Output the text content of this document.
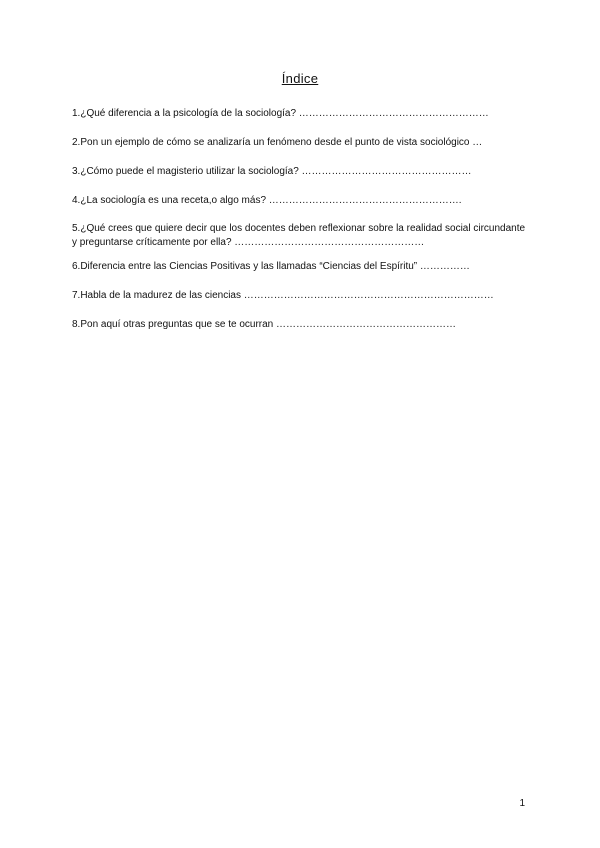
Índice
1.¿Qué diferencia a la psicología de la sociología? …………………………………………………
2.Pon un ejemplo de cómo se analizaría un fenómeno desde el punto de vista sociológico …
3.¿Cómo puede el magisterio utilizar la sociología? ……………………………………………
4.¿La sociología es una receta,o algo más? ………………………………………………….
5.¿Qué crees que quiere decir que los docentes deben reflexionar sobre la realidad social circundante y preguntarse críticamente por ella? …………………………………………………
6.Diferencia entre las Ciencias Positivas y las llamadas “Ciencias del Espíritu” ……………
7.Habla de la madurez de las ciencias …………………………………………………………………
8.Pon aquí otras preguntas que se te ocurran ………………………………………………
1
